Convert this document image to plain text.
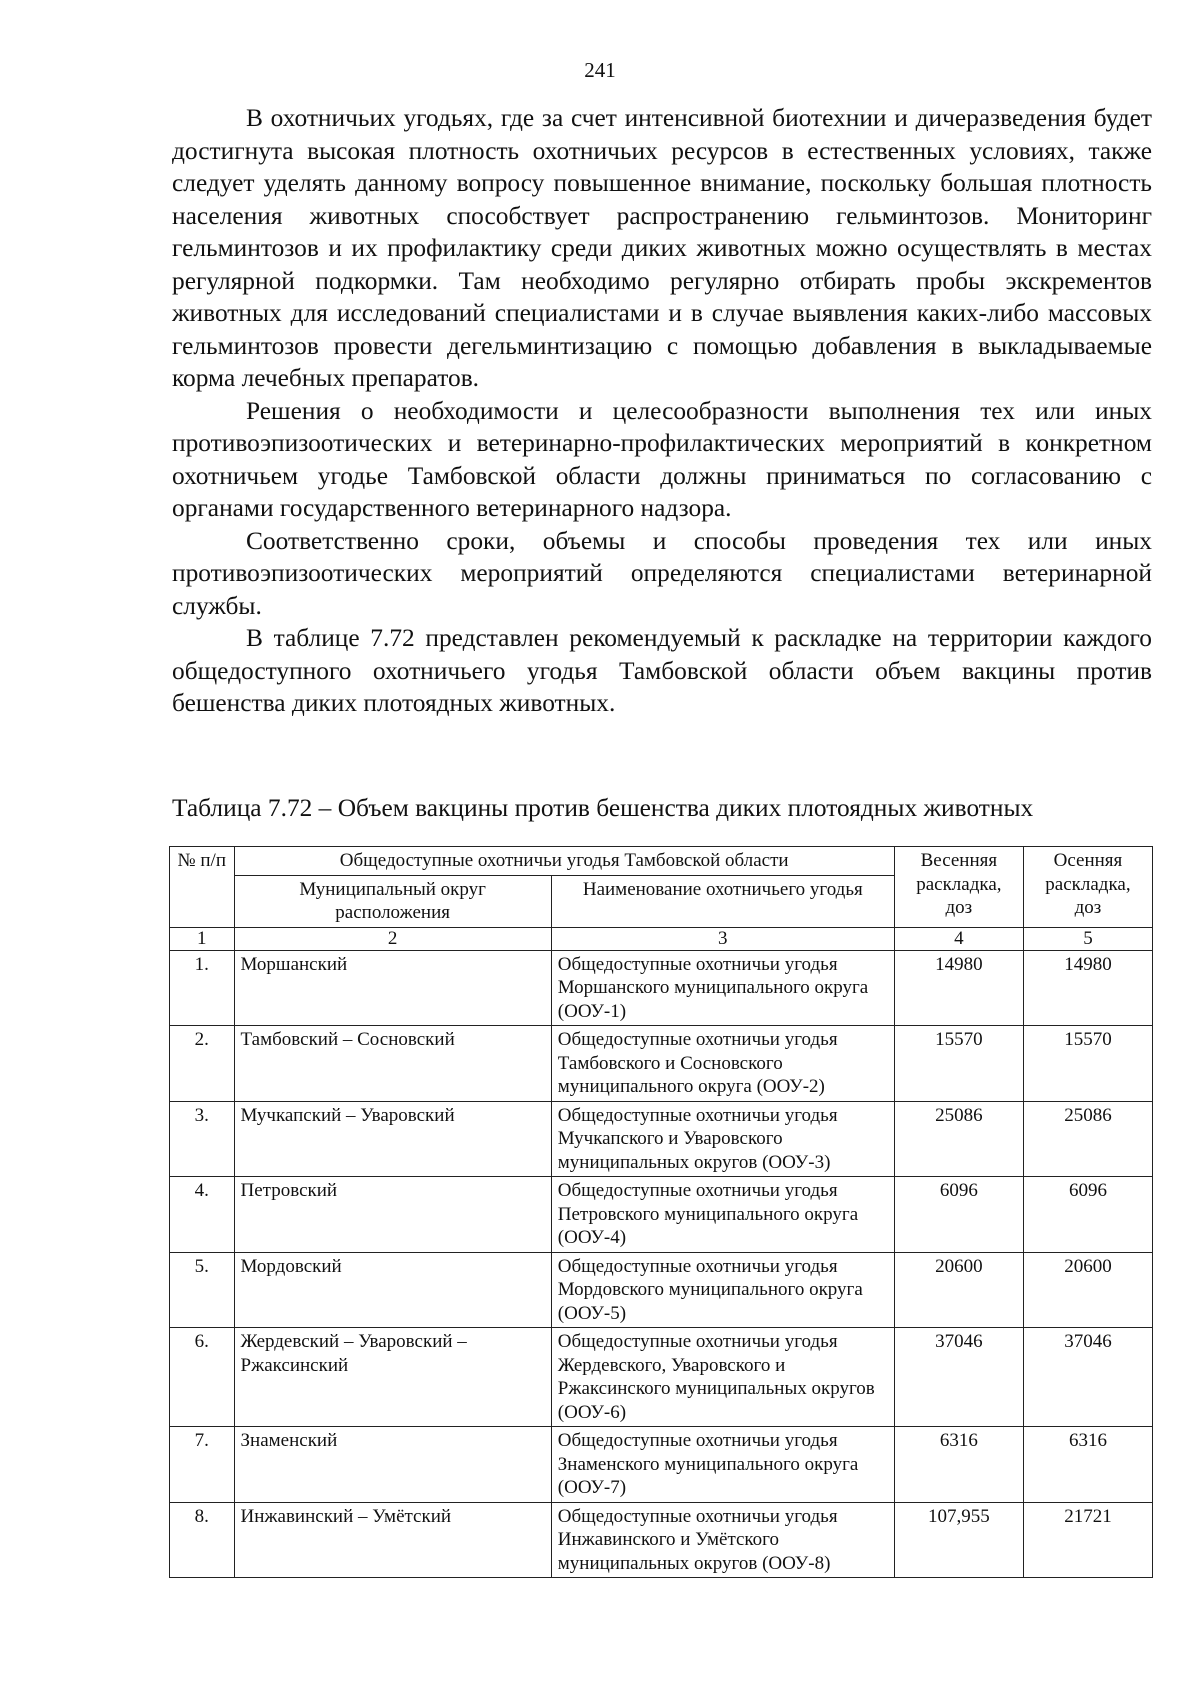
241

В охотничьих угодьях, где за счет интенсивной биотехнии и дичеразведения будет достигнута высокая плотность охотничьих ресурсов в естественных условиях, также следует уделять данному вопросу повышенное внимание, поскольку большая плотность населения животных способствует распространению гельминтозов. Мониторинг гельминтозов и их профилактику среди диких животных можно осуществлять в местах регулярной подкормки. Там необходимо регулярно отбирать пробы экскрементов животных для исследований специалистами и в случае выявления каких-либо массовых гельминтозов провести дегельминтизацию с помощью добавления в выкладываемые корма лечебных препаратов.

Решения о необходимости и целесообразности выполнения тех или иных противоэпизоотических и ветеринарно-профилактических мероприятий в конкретном охотничьем угодье Тамбовской области должны приниматься по согласованию с органами государственного ветеринарного надзора.

Соответственно сроки, объемы и способы проведения тех или иных противоэпизоотических мероприятий определяются специалистами ветеринарной службы.

В таблице 7.72 представлен рекомендуемый к раскладке на территории каждого общедоступного охотничьего угодья Тамбовской области объем вакцины против бешенства диких плотоядных животных.

Таблица 7.72 – Объем вакцины против бешенства диких плотоядных животных
№ п/п	Общедоступные охотничьи угодья Тамбовской области		Весенняя раскладка, доз	Осенняя раскладка, доз
	Муниципальный округ расположения	Наименование охотничьего угодья		
1	2	3	4	5
1.	Моршанский	Общедоступные охотничьи угодья Моршанского муниципального округа (ООУ-1)	14980	14980
2.	Тамбовский – Сосновский	Общедоступные охотничьи угодья Тамбовского и Сосновского муниципального округа (ООУ-2)	15570	15570
3.	Мучкапский – Уваровский	Общедоступные охотничьи угодья Мучкапского и Уваровского муниципальных округов (ООУ-3)	25086	25086
4.	Петровский	Общедоступные охотничьи угодья Петровского муниципального округа (ООУ-4)	6096	6096
5.	Мордовский	Общедоступные охотничьи угодья Мордовского муниципального округа (ООУ-5)	20600	20600
6.	Жердевский – Уваровский – Ржаксинский	Общедоступные охотничьи угодья Жердевского, Уваровского и Ржаксинского муниципальных округов (ООУ-6)	37046	37046
7.	Знаменский	Общедоступные охотничьи угодья Знаменского муниципального округа (ООУ-7)	6316	6316
8.	Инжавинский – Умётский	Общедоступные охотничьи угодья Инжавинского и Умётского муниципальных округов (ООУ-8)	107,955	21721
